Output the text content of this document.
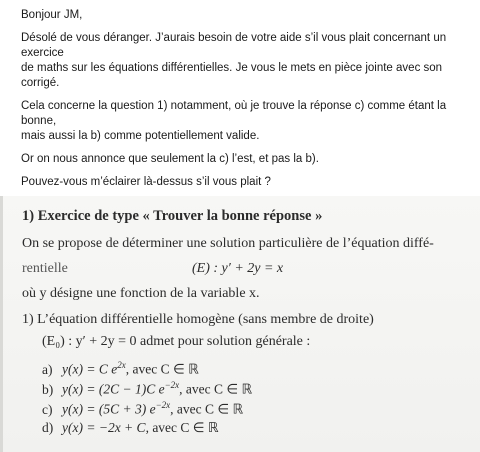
Bonjour JM,

Désolé de vous déranger. J’aurais besoin de votre aide s’il vous plait concernant un exercice

de maths sur les équations différentielles. Je vous le mets en pièce jointe avec son corrigé.

Cela concerne la question 1) notamment, où je trouve la réponse c) comme étant la bonne,

mais aussi la b) comme potentiellement valide.

Or on nous annonce que seulement la c) l’est, et pas la b).

Pouvez-vous m’éclairer là-dessus s’il vous plait ?

1) Exercice de type « Trouver la bonne réponse »
On se propose de déterminer une solution particulière de l’équation diffé-
rentielle	(E) : y′ + 2y = x
où y désigne une fonction de la variable x.
1) L’équation différentielle homogène (sans membre de droite)
(E₀) : y′ + 2y = 0 admet pour solution générale :
a) y(x) = C $e^{2x}$, avec C ∈ ℝ
b) y(x) = (2C − 1)C $e^{-2x}$, avec C ∈ ℝ
c) y(x) = (5C + 3) $e^{-2x}$, avec C ∈ ℝ
d) y(x) = −2x + C, avec C ∈ ℝ
